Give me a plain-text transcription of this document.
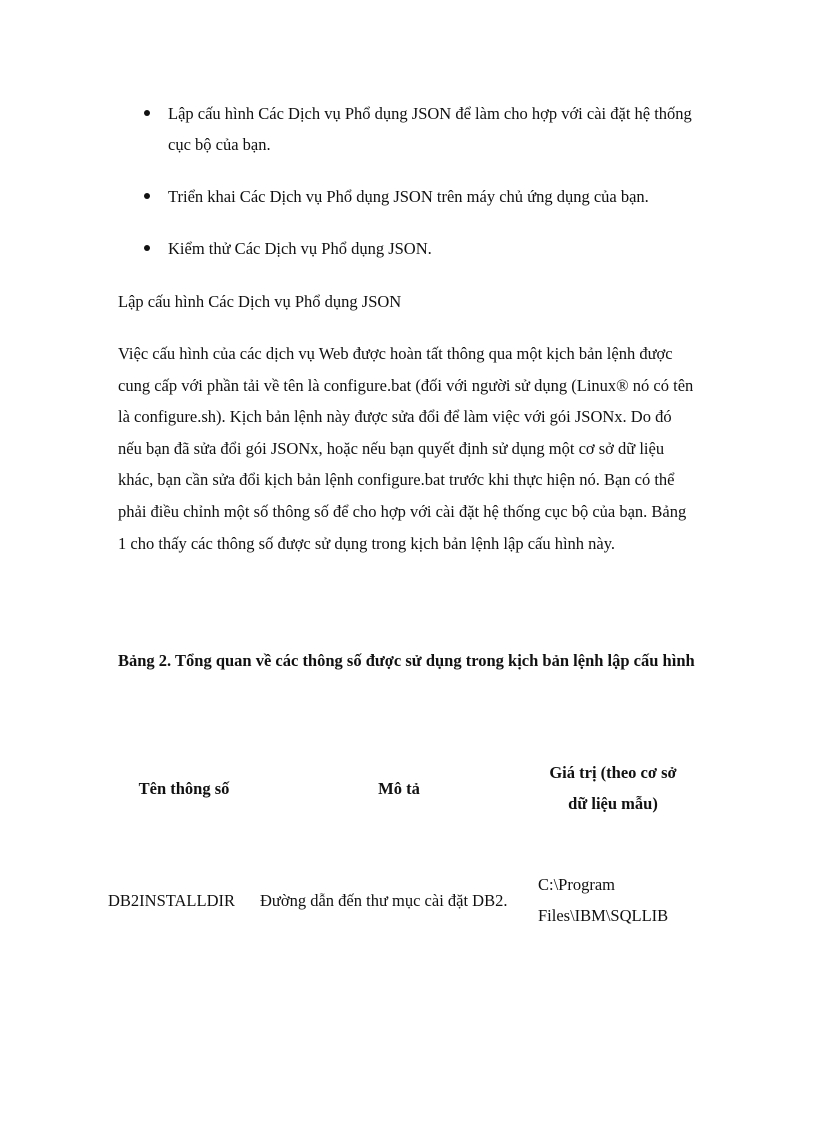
Lập cấu hình Các Dịch vụ Phổ dụng JSON để làm cho hợp với cài đặt hệ thống cục bộ của bạn.
Triển khai Các Dịch vụ Phổ dụng JSON trên máy chủ ứng dụng của bạn.
Kiểm thử Các Dịch vụ Phổ dụng JSON.

Lập cấu hình Các Dịch vụ Phổ dụng JSON

Việc cấu hình của các dịch vụ Web được hoàn tất thông qua một kịch bản lệnh được cung cấp với phần tải về tên là configure.bat (đối với người sử dụng (Linux® nó có tên là configure.sh). Kịch bản lệnh này được sửa đổi để làm việc với gói JSONx. Do đó nếu bạn đã sửa đổi gói JSONx, hoặc nếu bạn quyết định sử dụng một cơ sở dữ liệu khác, bạn cần sửa đổi kịch bản lệnh configure.bat trước khi thực hiện nó. Bạn có thể phải điều chỉnh một số thông số để cho hợp với cài đặt hệ thống cục bộ của bạn. Bảng 1 cho thấy các thông số được sử dụng trong kịch bản lệnh lập cấu hình này.

Bảng 2. Tổng quan về các thông số được sử dụng trong kịch bản lệnh lập cấu hình

Tên thông số	Mô tả	Giá trị (theo cơ sở dữ liệu mẫu)

DB2INSTALLDIR	Đường dẫn đến thư mục cài đặt DB2.	C:\Program Files\IBM\SQLLIB
